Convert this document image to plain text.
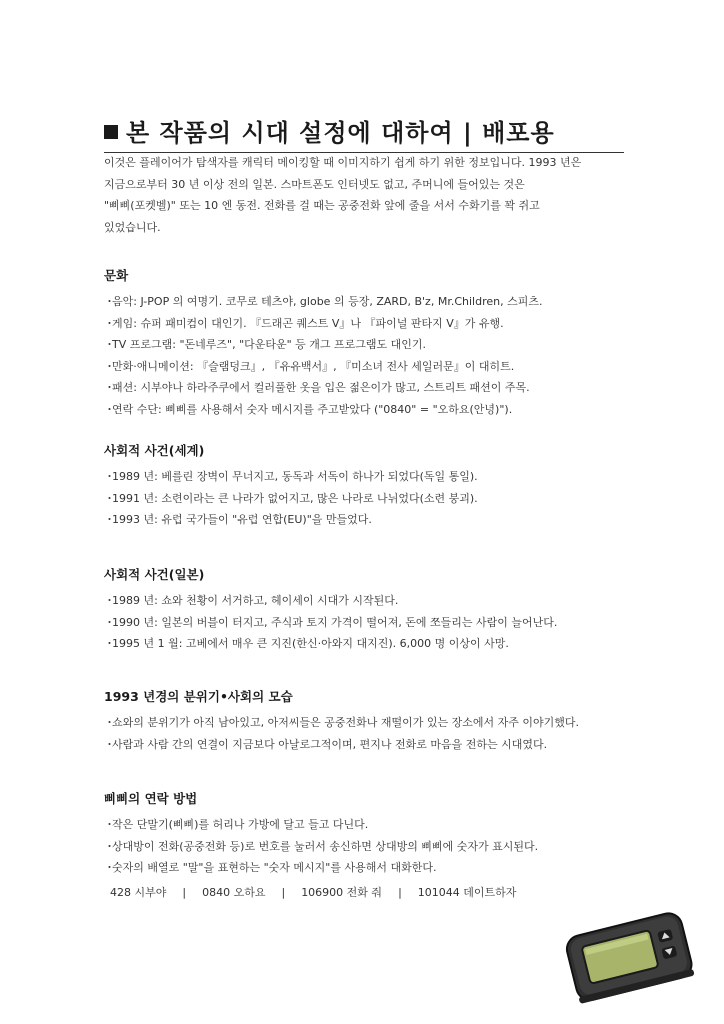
본 작품의 시대 설정에 대하여 | 배포용

이것은 플레이어가 탐색자를 캐릭터 메이킹할 때 이미지하기 쉽게 하기 위한 정보입니다. 1993 년은

지금으로부터 30 년 이상 전의 일본. 스마트폰도 인터넷도 없고, 주머니에 들어있는 것은

"삐삐(포켓벨)" 또는 10 엔 동전. 전화를 걸 때는 공중전화 앞에 줄을 서서 수화기를 꽉 쥐고

있었습니다.

문화
・음악: J-POP 의 여명기. 코무로 테츠야, globe 의 등장, ZARD, B'z, Mr.Children, 스피츠.
・게임: 슈퍼 패미컴이 대인기. 『드래곤 퀘스트 V』나 『파이널 판타지 V』가 유행.
・TV 프로그램: "돈네루즈", "다운타운" 등 개그 프로그램도 대인기.
・만화·애니메이션: 『슬램덩크』, 『유유백서』, 『미소녀 전사 세일러문』이 대히트.
・패션: 시부야나 하라주쿠에서 컬러풀한 옷을 입은 젊은이가 많고, 스트리트 패션이 주목.
・연락 수단: 삐삐를 사용해서 숫자 메시지를 주고받았다 ("0840" = "오하요(안녕)").
사회적 사건(세계)
・1989 년: 베를린 장벽이 무너지고, 동독과 서독이 하나가 되었다(독일 통일).
・1991 년: 소련이라는 큰 나라가 없어지고, 많은 나라로 나뉘었다(소련 붕괴).
・1993 년: 유럽 국가들이 "유럽 연합(EU)"을 만들었다.
사회적 사건(일본)
・1989 년: 쇼와 천황이 서거하고, 헤이세이 시대가 시작된다.
・1990 년: 일본의 버블이 터지고, 주식과 토지 가격이 떨어져, 돈에 쪼들리는 사람이 늘어난다.
・1995 년 1 월: 고베에서 매우 큰 지진(한신·아와지 대지진). 6,000 명 이상이 사망.
1993 년경의 분위기•사회의 모습
・쇼와의 분위기가 아직 남아있고, 아저씨들은 공중전화나 재떨이가 있는 장소에서 자주 이야기했다.
・사람과 사람 간의 연결이 지금보다 아날로그적이며, 편지나 전화로 마음을 전하는 시대였다.
삐삐의 연락 방법
・작은 단말기(삐삐)를 허리나 가방에 달고 들고 다닌다.
・상대방이 전화(공중전화 등)로 번호를 눌러서 송신하면 상대방의 삐삐에 숫자가 표시된다.
・숫자의 배열로 "말"을 표현하는 "숫자 메시지"를 사용해서 대화한다.
428 시부야 | 0840 오하요 | 106900 전화 줘 | 101044 데이트하자
